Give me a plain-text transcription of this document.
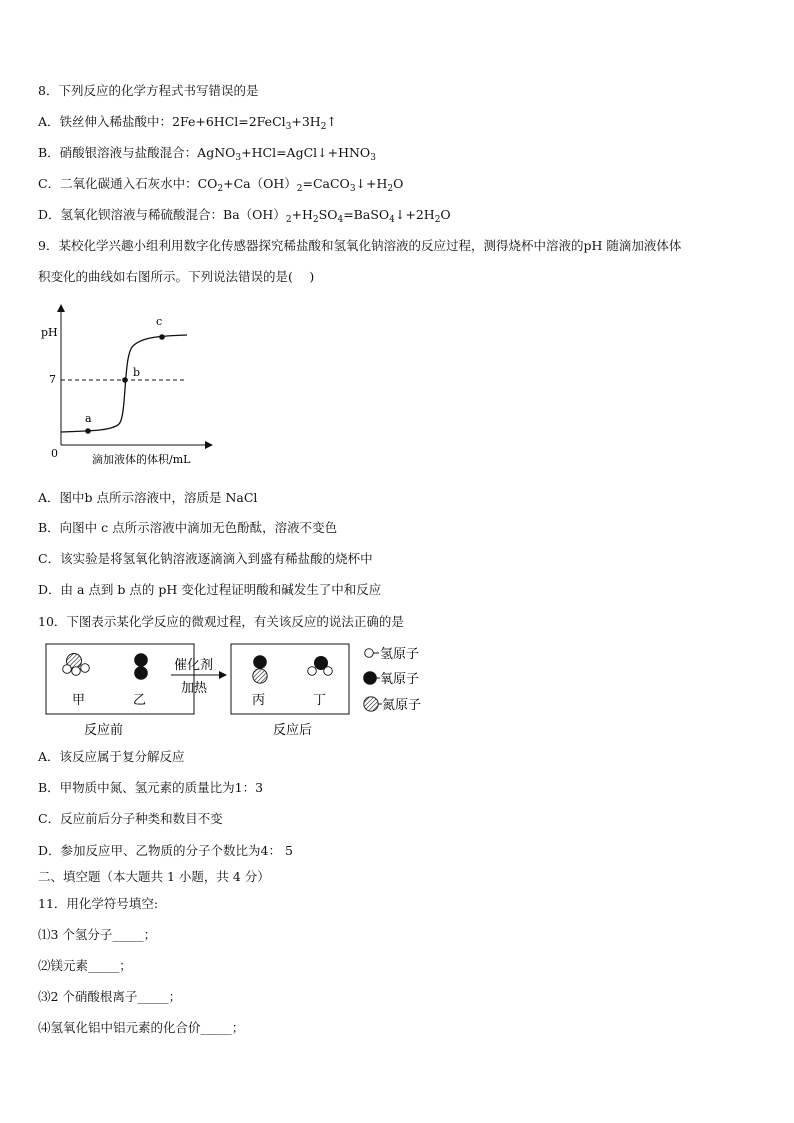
8．下列反应的化学方程式书写错误的是
A．铁丝伸入稀盐酸中：$2Fe+6HCl=2FeCl_3+3H_2↑$
B．硝酸银溶液与盐酸混合：$AgNO_3+HCl=AgCl↓+HNO_3$
C．二氧化碳通入石灰水中：$CO_2+Ca(OH)_2=CaCO_3↓+H_2O$
D．氢氧化钡溶液与稀硫酸混合：$Ba(OH)_2+H_2SO_4=BaSO_4↓+2H_2O$
9．某校化学兴趣小组利用数字化传感器探究稀盐酸和氢氧化钠溶液的反应过程，测得烧杯中溶液的pH 随滴加液体体
积变化的曲线如右图所示。下列说法错误的是(　 )
pH
7
0
a
b
c
滴加液体的体积/mL
A．图中b 点所示溶液中，溶质是 NaCl
B．向图中 c 点所示溶液中滴加无色酚酞，溶液不变色
C．该实验是将氢氧化钠溶液逐滴滴入到盛有稀盐酸的烧杯中
D．由 a 点到 b 点的 pH 变化过程证明酸和碱发生了中和反应
10．下图表示某化学反应的微观过程，有关该反应的说法正确的是
甲	乙
催化剂
加热
丙	丁
反应前	反应后
氢原子
氧原子
氮原子
A．该反应属于复分解反应
B．甲物质中氮、氢元素的质量比为1：3
C．反应前后分子种类和数目不变
D．参加反应甲、乙物质的分子个数比为4： 5
二、填空题（本大题共 1 小题，共 4 分）
11．用化学符号填空:
⑴3 个氢分子_____；
⑵镁元素_____；
⑶2 个硝酸根离子_____；
⑷氢氧化铝中铝元素的化合价_____；
